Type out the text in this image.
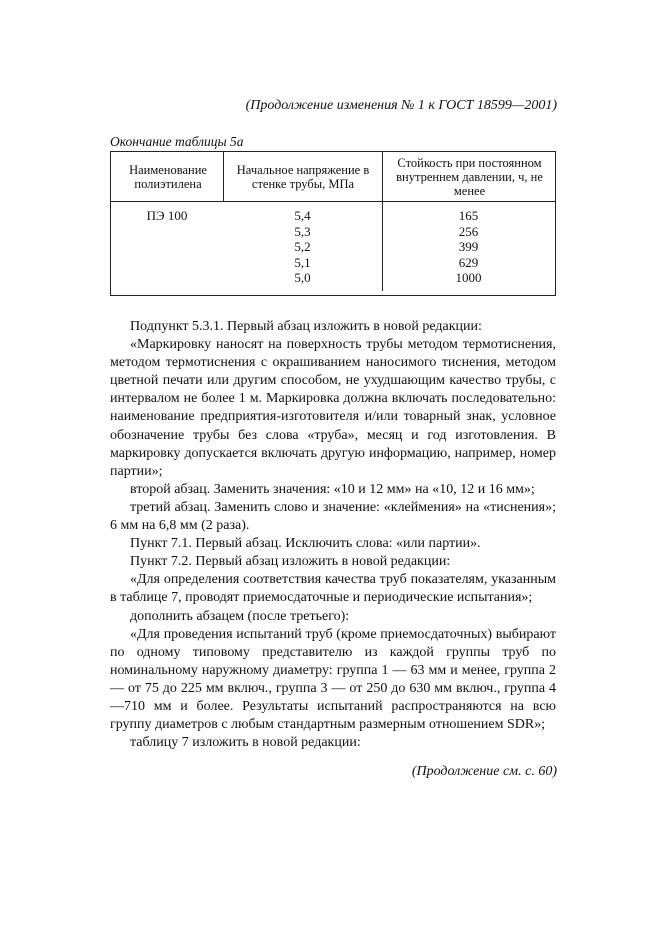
(Продолжение изменения № 1 к ГОСТ 18599—2001)
Окончание таблицы 5а
Наименование полиэтилена
Начальное напряжение в стенке трубы, МПа
Стойкость при постоянном внутреннем давлении, ч, не менее
ПЭ 100	5,4
5,3
5,2
5,1
5,0
165
256
399
629
1000

Подпункт 5.3.1. Первый абзац изложить в новой редакции:

«Маркировку наносят на поверхность трубы методом термотиснения, методом термотиснения с окрашиванием наносимого тиснения, методом цветной печати или другим способом, не ухудшающим качество трубы, с интервалом не более 1 м. Маркировка должна включать последовательно: наименование предприятия-изготовителя и/или товарный знак, условное обозначение трубы без слова «труба», месяц и год изготовления. В маркировку допускается включать другую информацию, например, номер партии»;

второй абзац. Заменить значения: «10 и 12 мм» на «10, 12 и 16 мм»;

третий абзац. Заменить слово и значение: «клеймения» на «тиснения»; 6 мм на 6,8 мм (2 раза).

Пункт 7.1. Первый абзац. Исключить слова: «или партии».

Пункт 7.2. Первый абзац изложить в новой редакции:

«Для определения соответствия качества труб показателям, указанным в таблице 7, проводят приемосдаточные и периодические испытания»;

дополнить абзацем (после третьего):

«Для проведения испытаний труб (кроме приемосдаточных) выбирают по одному типовому представителю из каждой группы труб по номинальному наружному диаметру: группа 1 — 63 мм и менее, группа 2 — от 75 до 225 мм включ., группа 3 — от 250 до 630 мм включ., группа 4—710 мм и более. Результаты испытаний распространяются на всю группу диаметров с любым стандартным размерным отношением SDR»;

таблицу 7 изложить в новой редакции:

(Продолжение см. с. 60)
